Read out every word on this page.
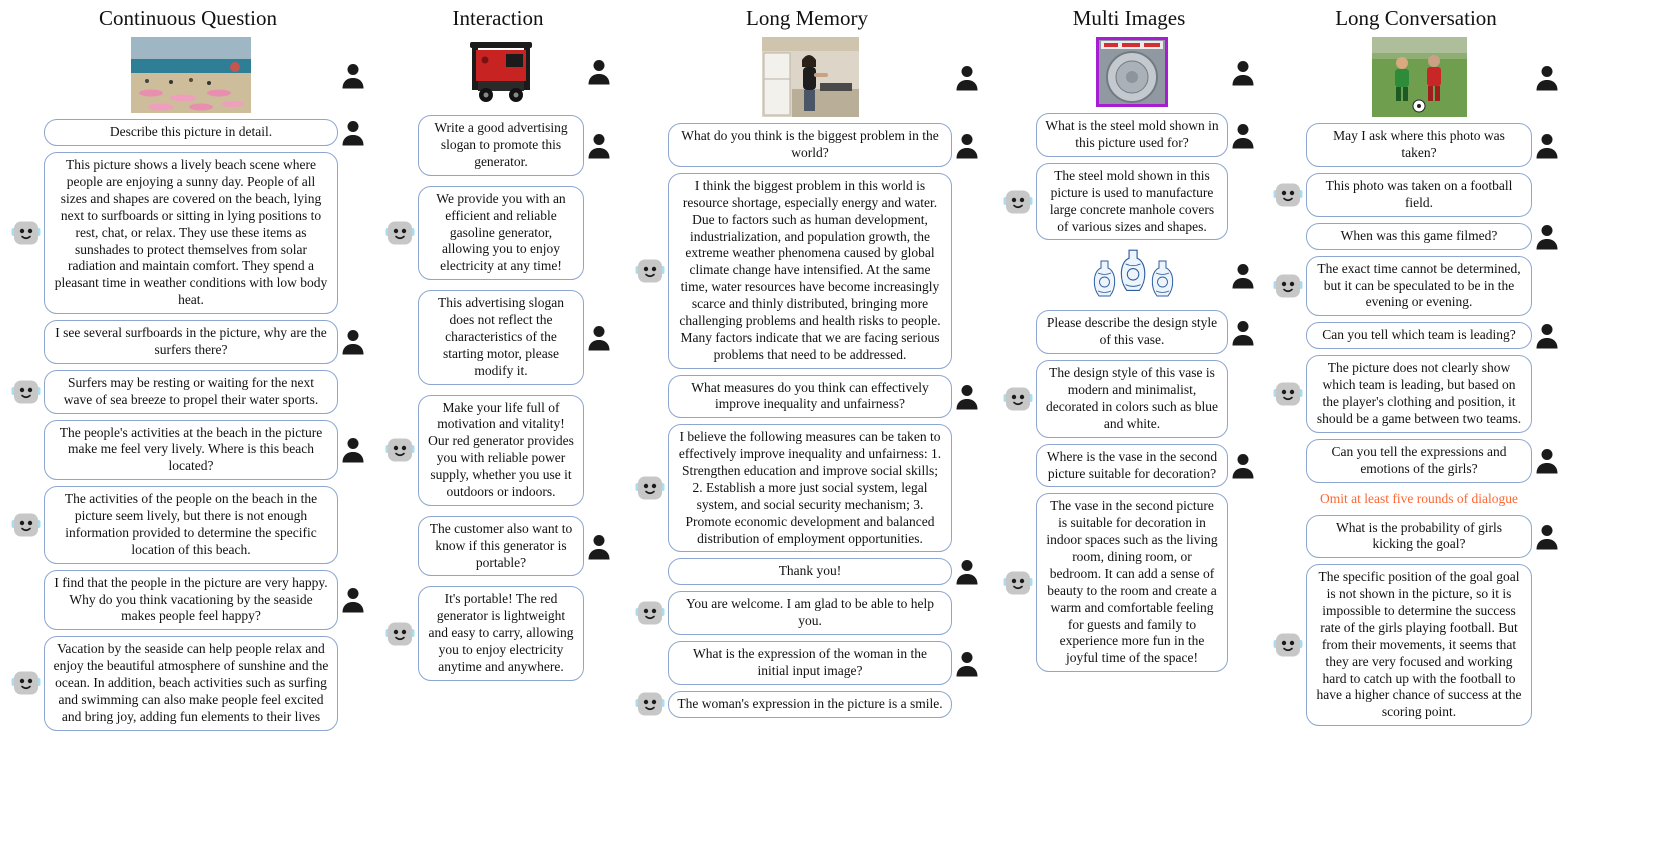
Continuous Question
Describe this picture in detail.
This picture shows a lively beach scene where people are enjoying a sunny day. People of all sizes and shapes are covered on the beach, lying next to surfboards or sitting in lying positions to rest, chat, or relax. They use these items as sunshades to protect themselves from solar radiation and maintain comfort. They spend a pleasant time in weather conditions with low body heat.
I see several surfboards in the picture, why are the surfers there?
Surfers may be resting or waiting for the next wave of sea breeze to propel their water sports.
The people's activities at the beach in the picture make me feel very lively. Where is this beach located?
The activities of the people on the beach in the picture seem lively, but there is not enough information provided to determine the specific location of this beach.
I find that the people in the picture are very happy. Why do you think vacationing by the seaside makes people feel happy?
Vacation by the seaside can help people relax and enjoy the beautiful atmosphere of sunshine and the ocean. In addition, beach activities such as surfing and swimming can also make people feel excited and bring joy, adding fun elements to their lives
Interaction
Write a good advertising slogan to promote this generator.
We provide you with an efficient and reliable gasoline generator, allowing you to enjoy electricity at any time!
This advertising slogan does not reflect the characteristics of the starting motor, please modify it.
Make your life full of motivation and vitality! Our red generator provides you with reliable power supply, whether you use it outdoors or indoors.
The customer also want to know if this generator is portable?
It's portable! The red generator is lightweight and easy to carry, allowing you to enjoy electricity anytime and anywhere.
Long Memory
What do you think is the biggest problem in the world?
I think the biggest problem in this world is resource shortage, especially energy and water. Due to factors such as human development, industrialization, and population growth, the extreme weather phenomena caused by global climate change have intensified. At the same time, water resources have become increasingly scarce and thinly distributed, bringing more challenging problems and health risks to people. Many factors indicate that we are facing serious problems that need to be addressed.
What measures do you think can effectively improve inequality and unfairness?
I believe the following measures can be taken to effectively improve inequality and unfairness: 1. Strengthen education and improve social skills; 2. Establish a more just social system, legal system, and social security mechanism; 3. Promote economic development and balanced distribution of employment opportunities.
Thank you!
You are welcome. I am glad to be able to help you.
What is the expression of the woman in the initial input image?
The woman's expression in the picture is a smile.
Multi Images
What is the steel mold shown in this picture used for?
The steel mold shown in this picture is used to manufacture large concrete manhole covers of various sizes and shapes.
Please describe the design style of this vase.
The design style of this vase is modern and minimalist, decorated in colors such as blue and white.
Where is the vase in the second picture suitable for decoration?
The vase in the second picture is suitable for decoration in indoor spaces such as the living room, dining room, or bedroom. It can add a sense of beauty to the room and create a warm and comfortable feeling for guests and family to experience more fun in the joyful time of the space!
Long Conversation
May I ask where this photo was taken?
This photo was taken on a football field.
When was this game filmed?
The exact time cannot be determined, but it can be speculated to be in the evening or evening.
Can you tell which team is leading?
The picture does not clearly show which team is leading, but based on the player's clothing and position, it should be a game between two teams.
Can you tell the expressions and emotions of the girls?
Omit at least five rounds of dialogue
What is the probability of girls kicking the goal?
The specific position of the goal goal is not shown in the picture, so it is impossible to determine the success rate of the girls playing football. But from their movements, it seems that they are very focused and working hard to catch up with the football to have a higher chance of success at the scoring point.
